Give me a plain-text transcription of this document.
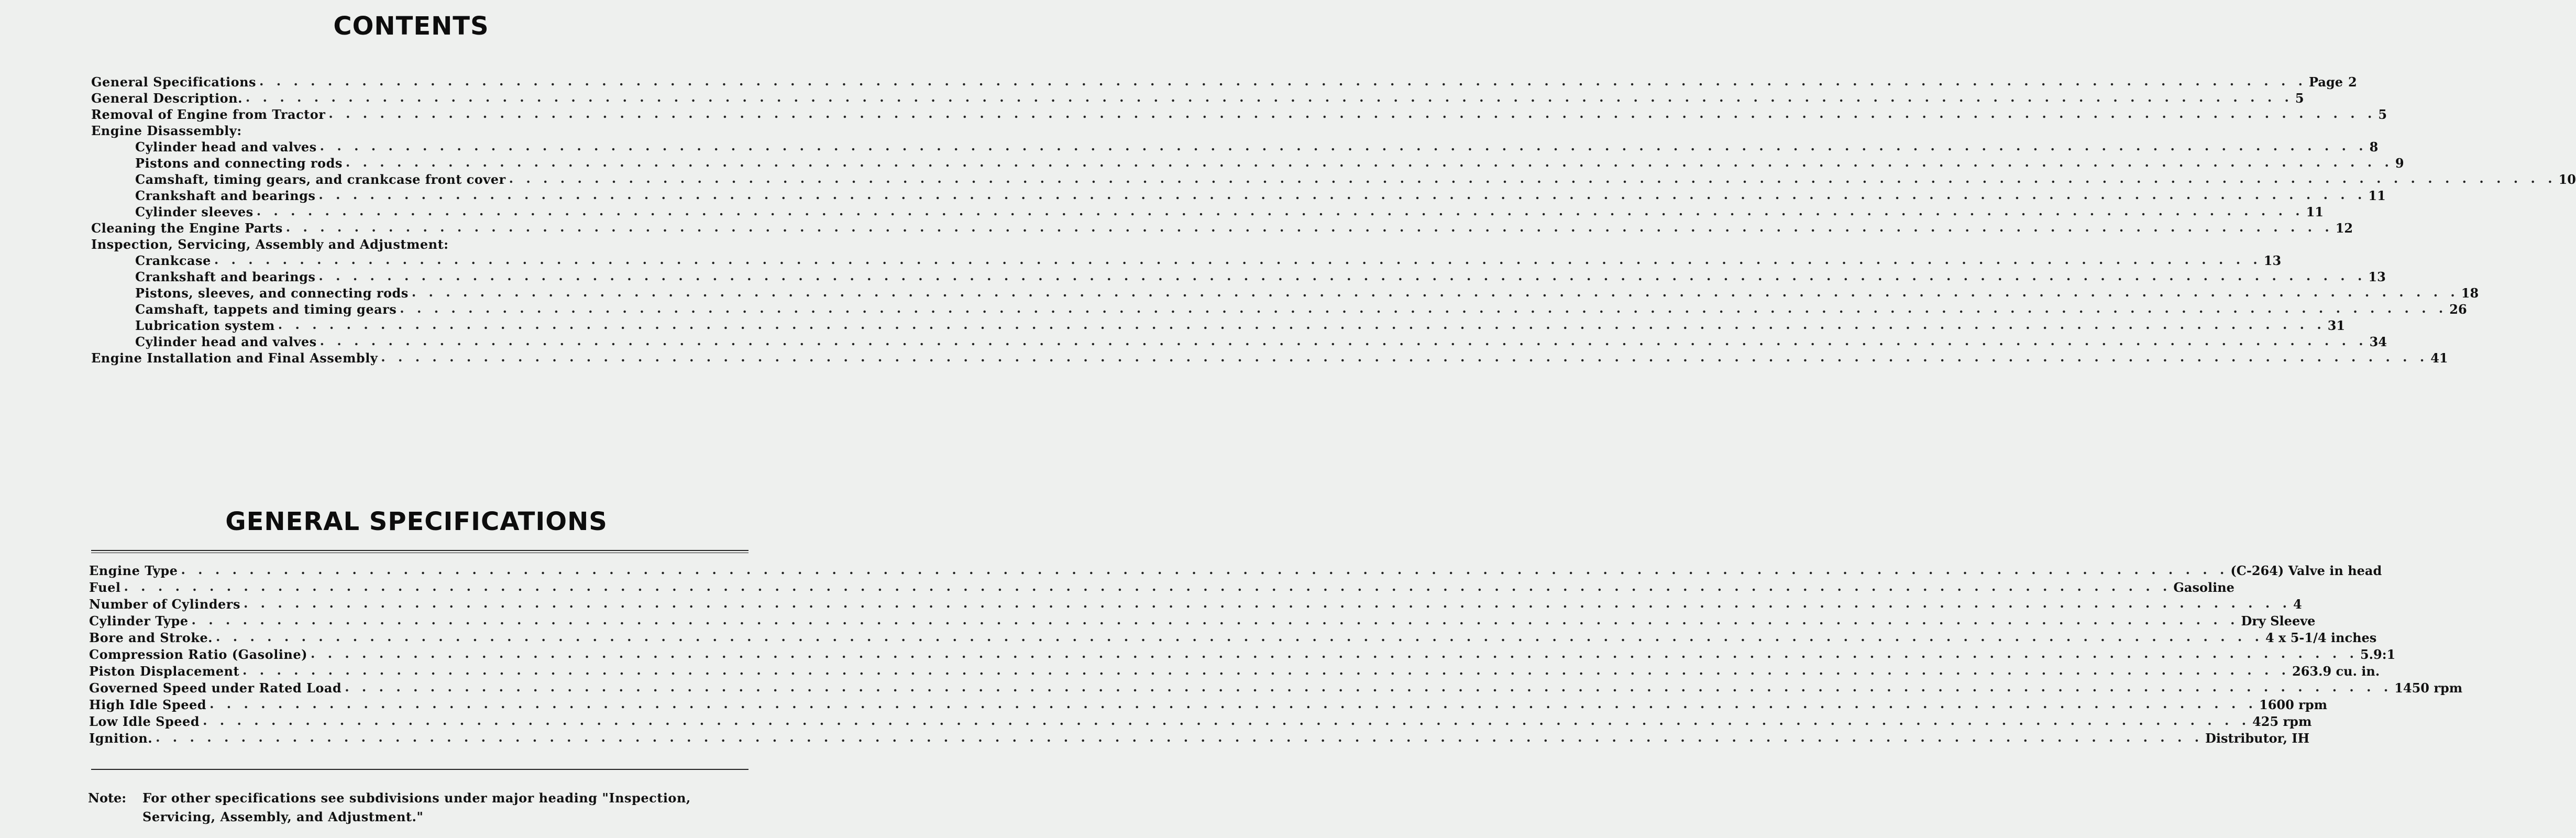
CONTENTS
General Specifications . . . . . . . . . . . . . . . . . . . . . . . . . . . . . . . . . . . . . . . . . . . . . . . . . . . . . . . . . . . . . . . . . . . . . . . . . . . . . . . . . . . . . . . . . . . . . . . . . . . . . . . . . . . . . . . . . . . . . . . . Page 2
General Description. . . . . . . . . . . . . . . . . . . . . . . . . . . . . . . . . . . . . . . . . . . . . . . . . . . . . . . . . . . . . . . . . . . . . . . . . . . . . . . . . . . . . . . . . . . . . . . . . . . . . . . . . . . . . . . . . . . . . . . . . 5
Removal of Engine from Tractor . . . . . . . . . . . . . . . . . . . . . . . . . . . . . . . . . . . . . . . . . . . . . . . . . . . . . . . . . . . . . . . . . . . . . . . . . . . . . . . . . . . . . . . . . . . . . . . . . . . . . . . . . . . . . . . . . . . . . . . . 5
Engine Disassembly:
Cylinder head and valves . . . . . . . . . . . . . . . . . . . . . . . . . . . . . . . . . . . . . . . . . . . . . . . . . . . . . . . . . . . . . . . . . . . . . . . . . . . . . . . . . . . . . . . . . . . . . . . . . . . . . . . . . . . . . . . . . . . . . . . . 8
Pistons and connecting rods . . . . . . . . . . . . . . . . . . . . . . . . . . . . . . . . . . . . . . . . . . . . . . . . . . . . . . . . . . . . . . . . . . . . . . . . . . . . . . . . . . . . . . . . . . . . . . . . . . . . . . . . . . . . . . . . . . . . . . . . 9
Camshaft, timing gears, and crankcase front cover . . . . . . . . . . . . . . . . . . . . . . . . . . . . . . . . . . . . . . . . . . . . . . . . . . . . . . . . . . . . . . . . . . . . . . . . . . . . . . . . . . . . . . . . . . . . . . . . . . . . . . . . . . . . . . . . . . . . . . . . 10
Crankshaft and bearings . . . . . . . . . . . . . . . . . . . . . . . . . . . . . . . . . . . . . . . . . . . . . . . . . . . . . . . . . . . . . . . . . . . . . . . . . . . . . . . . . . . . . . . . . . . . . . . . . . . . . . . . . . . . . . . . . . . . . . . . 11
Cylinder sleeves . . . . . . . . . . . . . . . . . . . . . . . . . . . . . . . . . . . . . . . . . . . . . . . . . . . . . . . . . . . . . . . . . . . . . . . . . . . . . . . . . . . . . . . . . . . . . . . . . . . . . . . . . . . . . . . . . . . . . . . . 11
Cleaning the Engine Parts . . . . . . . . . . . . . . . . . . . . . . . . . . . . . . . . . . . . . . . . . . . . . . . . . . . . . . . . . . . . . . . . . . . . . . . . . . . . . . . . . . . . . . . . . . . . . . . . . . . . . . . . . . . . . . . . . . . . . . . . 12
Inspection, Servicing, Assembly and Adjustment:
Crankcase . . . . . . . . . . . . . . . . . . . . . . . . . . . . . . . . . . . . . . . . . . . . . . . . . . . . . . . . . . . . . . . . . . . . . . . . . . . . . . . . . . . . . . . . . . . . . . . . . . . . . . . . . . . . . . . . . . . . . . . . 13
Crankshaft and bearings . . . . . . . . . . . . . . . . . . . . . . . . . . . . . . . . . . . . . . . . . . . . . . . . . . . . . . . . . . . . . . . . . . . . . . . . . . . . . . . . . . . . . . . . . . . . . . . . . . . . . . . . . . . . . . . . . . . . . . . . 13
Pistons, sleeves, and connecting rods . . . . . . . . . . . . . . . . . . . . . . . . . . . . . . . . . . . . . . . . . . . . . . . . . . . . . . . . . . . . . . . . . . . . . . . . . . . . . . . . . . . . . . . . . . . . . . . . . . . . . . . . . . . . . . . . . . . . . . . . 18
Camshaft, tappets and timing gears . . . . . . . . . . . . . . . . . . . . . . . . . . . . . . . . . . . . . . . . . . . . . . . . . . . . . . . . . . . . . . . . . . . . . . . . . . . . . . . . . . . . . . . . . . . . . . . . . . . . . . . . . . . . . . . . . . . . . . . . 26
Lubrication system . . . . . . . . . . . . . . . . . . . . . . . . . . . . . . . . . . . . . . . . . . . . . . . . . . . . . . . . . . . . . . . . . . . . . . . . . . . . . . . . . . . . . . . . . . . . . . . . . . . . . . . . . . . . . . . . . . . . . . . . 31
Cylinder head and valves . . . . . . . . . . . . . . . . . . . . . . . . . . . . . . . . . . . . . . . . . . . . . . . . . . . . . . . . . . . . . . . . . . . . . . . . . . . . . . . . . . . . . . . . . . . . . . . . . . . . . . . . . . . . . . . . . . . . . . . . 34
Engine Installation and Final Assembly . . . . . . . . . . . . . . . . . . . . . . . . . . . . . . . . . . . . . . . . . . . . . . . . . . . . . . . . . . . . . . . . . . . . . . . . . . . . . . . . . . . . . . . . . . . . . . . . . . . . . . . . . . . . . . . . . . . . . . . . 41
GENERAL SPECIFICATIONS
Engine Type . . . . . . . . . . . . . . . . . . . . . . . . . . . . . . . . . . . . . . . . . . . . . . . . . . . . . . . . . . . . . . . . . . . . . . . . . . . . . . . . . . . . . . . . . . . . . . . . . . . . . . . . . . . . . . . . . . . . . . . . (C-264) Valve in head
Fuel . . . . . . . . . . . . . . . . . . . . . . . . . . . . . . . . . . . . . . . . . . . . . . . . . . . . . . . . . . . . . . . . . . . . . . . . . . . . . . . . . . . . . . . . . . . . . . . . . . . . . . . . . . . . . . . . . . . . . . . . Gasoline
Number of Cylinders . . . . . . . . . . . . . . . . . . . . . . . . . . . . . . . . . . . . . . . . . . . . . . . . . . . . . . . . . . . . . . . . . . . . . . . . . . . . . . . . . . . . . . . . . . . . . . . . . . . . . . . . . . . . . . . . . . . . . . . . 4
Cylinder Type . . . . . . . . . . . . . . . . . . . . . . . . . . . . . . . . . . . . . . . . . . . . . . . . . . . . . . . . . . . . . . . . . . . . . . . . . . . . . . . . . . . . . . . . . . . . . . . . . . . . . . . . . . . . . . . . . . . . . . . . Dry Sleeve
Bore and Stroke. . . . . . . . . . . . . . . . . . . . . . . . . . . . . . . . . . . . . . . . . . . . . . . . . . . . . . . . . . . . . . . . . . . . . . . . . . . . . . . . . . . . . . . . . . . . . . . . . . . . . . . . . . . . . . . . . . . . . . . . . 4 x 5-1/4 inches
Compression Ratio (Gasoline) . . . . . . . . . . . . . . . . . . . . . . . . . . . . . . . . . . . . . . . . . . . . . . . . . . . . . . . . . . . . . . . . . . . . . . . . . . . . . . . . . . . . . . . . . . . . . . . . . . . . . . . . . . . . . . . . . . . . . . . . 5.9:1
Piston Displacement . . . . . . . . . . . . . . . . . . . . . . . . . . . . . . . . . . . . . . . . . . . . . . . . . . . . . . . . . . . . . . . . . . . . . . . . . . . . . . . . . . . . . . . . . . . . . . . . . . . . . . . . . . . . . . . . . . . . . . . . 263.9 cu. in.
Governed Speed under Rated Load . . . . . . . . . . . . . . . . . . . . . . . . . . . . . . . . . . . . . . . . . . . . . . . . . . . . . . . . . . . . . . . . . . . . . . . . . . . . . . . . . . . . . . . . . . . . . . . . . . . . . . . . . . . . . . . . . . . . . . . . 1450 rpm
High Idle Speed . . . . . . . . . . . . . . . . . . . . . . . . . . . . . . . . . . . . . . . . . . . . . . . . . . . . . . . . . . . . . . . . . . . . . . . . . . . . . . . . . . . . . . . . . . . . . . . . . . . . . . . . . . . . . . . . . . . . . . . . 1600 rpm
Low Idle Speed . . . . . . . . . . . . . . . . . . . . . . . . . . . . . . . . . . . . . . . . . . . . . . . . . . . . . . . . . . . . . . . . . . . . . . . . . . . . . . . . . . . . . . . . . . . . . . . . . . . . . . . . . . . . . . . . . . . . . . . . 425 rpm
Ignition. . . . . . . . . . . . . . . . . . . . . . . . . . . . . . . . . . . . . . . . . . . . . . . . . . . . . . . . . . . . . . . . . . . . . . . . . . . . . . . . . . . . . . . . . . . . . . . . . . . . . . . . . . . . . . . . . . . . . . . . . Distributor, IH
Note:	For other specifications see subdivisions under major heading "Inspection, Servicing, Assembly, and Adjustment."
